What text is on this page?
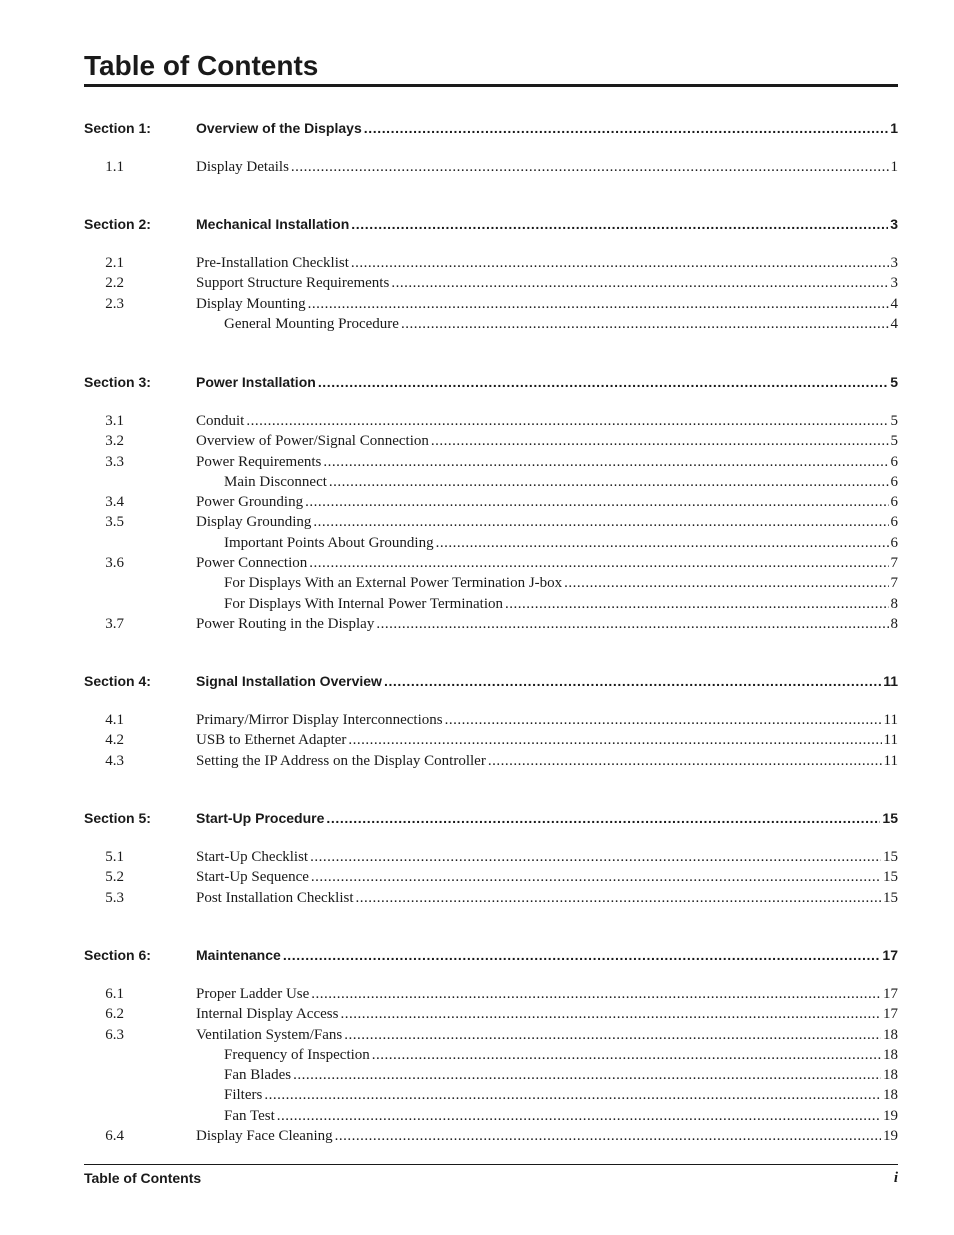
Table of Contents
Section 1:	Overview of the Displays .....	1
1.1	Display Details .....	1
Section 2:	Mechanical Installation .....	3
2.1	Pre-Installation Checklist .....	3
2.2	Support Structure Requirements .....	3
2.3	Display Mounting .....	4
General Mounting Procedure .....	4
Section 3:	Power Installation .....	5
3.1	Conduit .....	5
3.2	Overview of Power/Signal Connection .....	5
3.3	Power Requirements .....	6
Main Disconnect .....	6
3.4	Power Grounding .....	6
3.5	Display Grounding .....	6
Important Points About Grounding .....	6
3.6	Power Connection .....	7
For Displays With an External Power Termination J-box .....	7
For Displays With Internal Power Termination .....	8
3.7	Power Routing in the Display .....	8
Section 4:	Signal Installation Overview .....	11
4.1	Primary/Mirror Display Interconnections .....	11
4.2	USB to Ethernet Adapter .....	11
4.3	Setting the IP Address on the Display Controller .....	11
Section 5:	Start-Up Procedure .....	15
5.1	Start-Up Checklist .....	15
5.2	Start-Up Sequence .....	15
5.3	Post Installation Checklist .....	15
Section 6:	Maintenance .....	17
6.1	Proper Ladder Use .....	17
6.2	Internal Display Access .....	17
6.3	Ventilation System/Fans .....	18
Frequency of Inspection .....	18
Fan Blades .....	18
Filters .....	18
Fan Test .....	19
6.4	Display Face Cleaning .....	19
Table of Contents	i
